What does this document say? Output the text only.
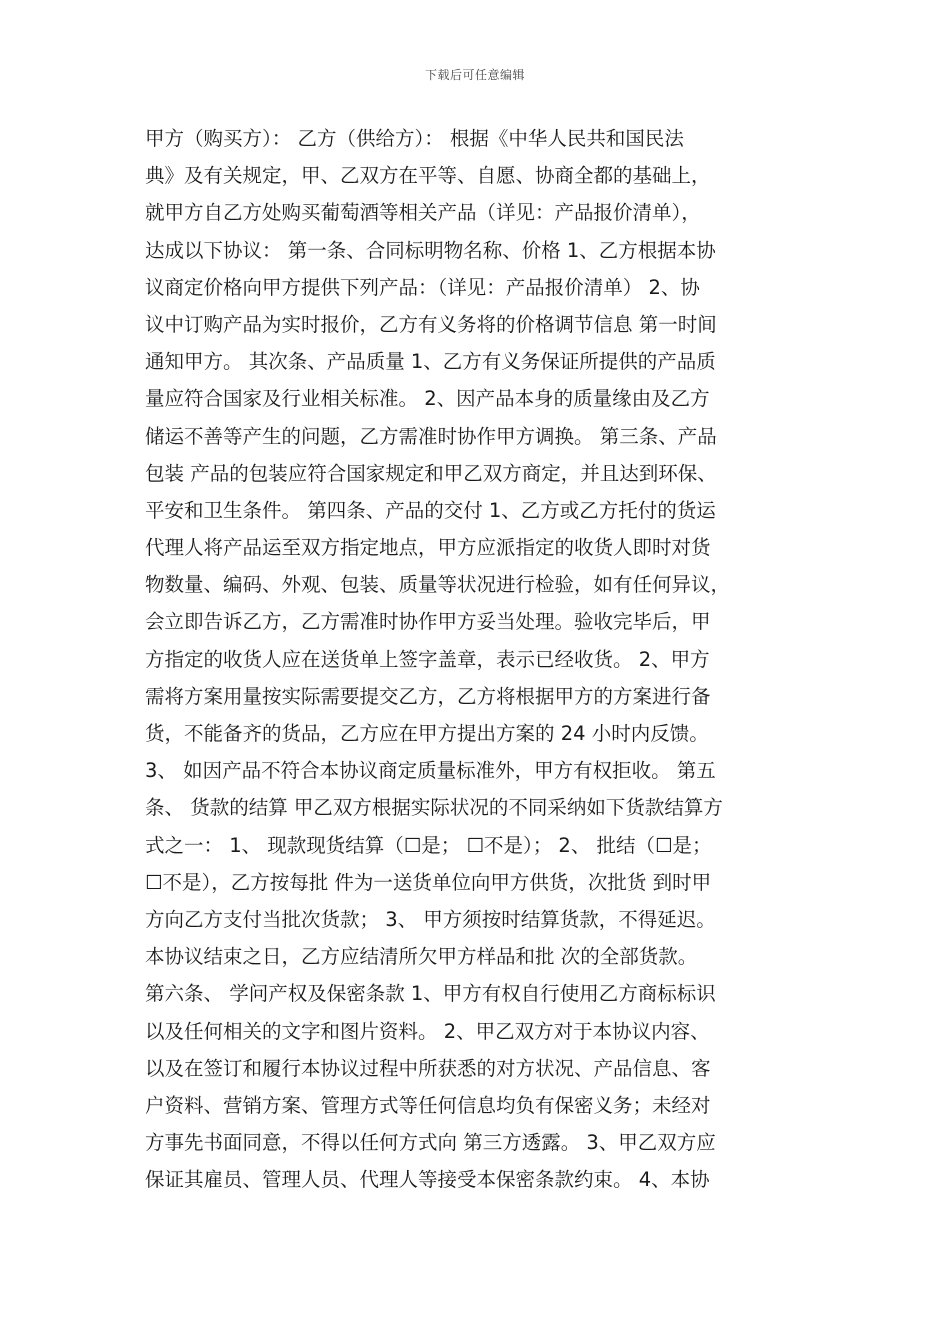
下载后可任意编辑
甲方（购买方）： 乙方（供给方）： 根据《中华人民共和国民法
典》及有关规定，甲、乙双方在平等、自愿、协商全都的基础上，
就甲方自乙方处购买葡萄酒等相关产品（详见：产品报价清单），
达成以下协议： 第一条、合同标明物名称、价格 1、乙方根据本协
议商定价格向甲方提供下列产品：（详见：产品报价清单） 2、协
议中订购产品为实时报价，乙方有义务将的价格调节信息 第一时间
通知甲方。 其次条、产品质量 1、乙方有义务保证所提供的产品质
量应符合国家及行业相关标准。 2、因产品本身的质量缘由及乙方
储运不善等产生的问题，乙方需准时协作甲方调换。 第三条、产品
包装 产品的包装应符合国家规定和甲乙双方商定，并且达到环保、
平安和卫生条件。 第四条、产品的交付 1、乙方或乙方托付的货运
代理人将产品运至双方指定地点，甲方应派指定的收货人即时对货
物数量、编码、外观、包装、质量等状况进行检验，如有任何异议，
会立即告诉乙方，乙方需准时协作甲方妥当处理。验收完毕后，甲
方指定的收货人应在送货单上签字盖章，表示已经收货。 2、甲方
需将方案用量按实际需要提交乙方，乙方将根据甲方的方案进行备
货，不能备齐的货品，乙方应在甲方提出方案的 24 小时内反馈。
3、 如因产品不符合本协议商定质量标准外，甲方有权拒收。 第五
条、 货款的结算 甲乙双方根据实际状况的不同采纳如下货款结算方
式之一： 1、 现款现货结算（☐是； ☐不是）； 2、 批结（☐是；
☐不是），乙方按每批 件为一送货单位向甲方供货，次批货 到时甲
方向乙方支付当批次货款； 3、 甲方须按时结算货款，不得延迟。
本协议结束之日，乙方应结清所欠甲方样品和批 次的全部货款。
第六条、 学问产权及保密条款 1、甲方有权自行使用乙方商标标识
以及任何相关的文字和图片资料。 2、甲乙双方对于本协议内容、
以及在签订和履行本协议过程中所获悉的对方状况、产品信息、客
户资料、营销方案、管理方式等任何信息均负有保密义务；未经对
方事先书面同意，不得以任何方式向 第三方透露。 3、甲乙双方应
保证其雇员、管理人员、代理人等接受本保密条款约束。 4、本协
